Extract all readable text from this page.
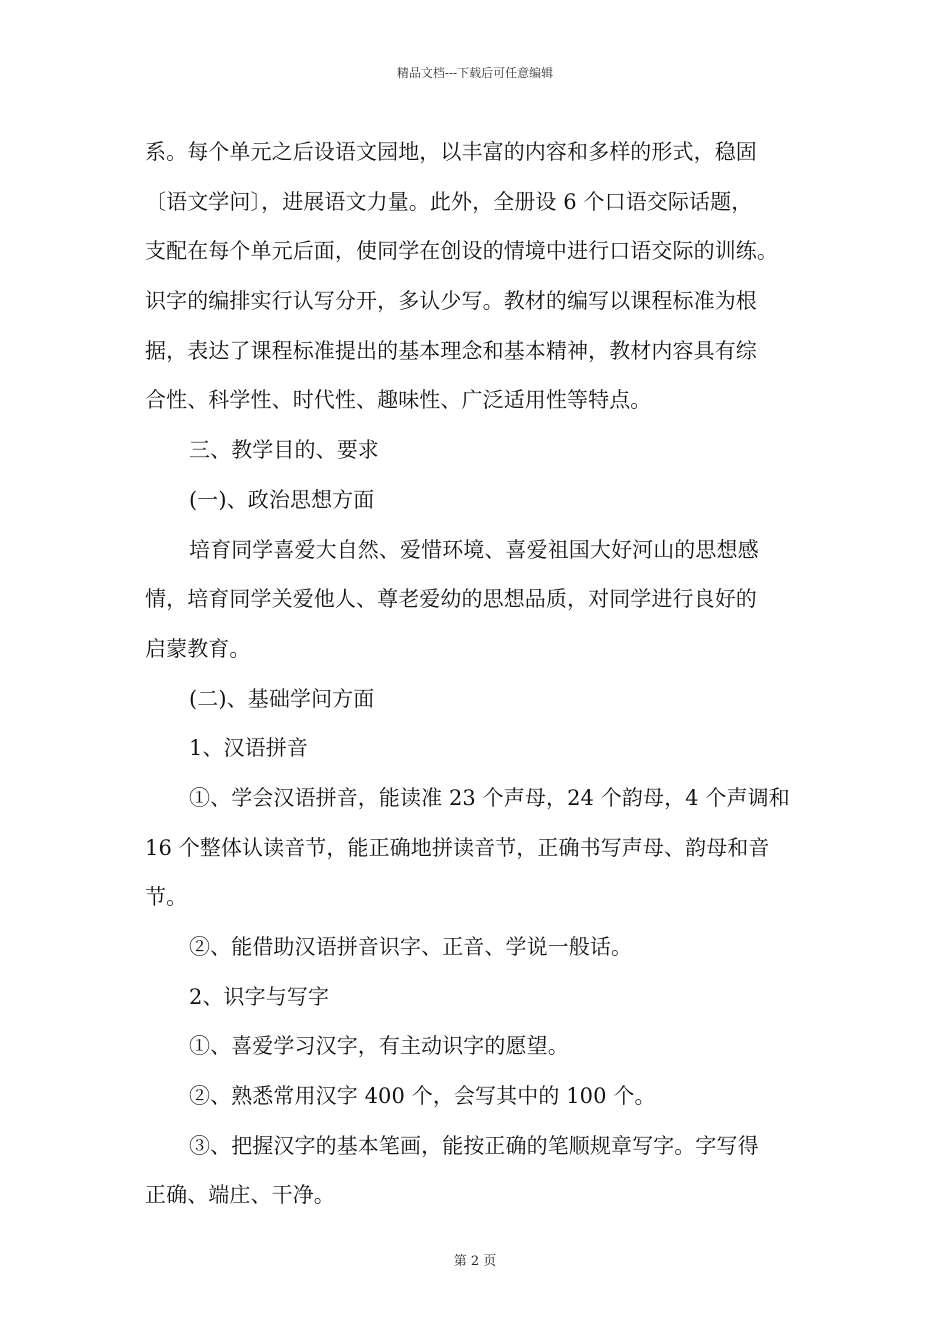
精品文档---下载后可任意编辑
系。每个单元之后设语文园地，以丰富的内容和多样的形式，稳固
〔语文学问〕，进展语文力量。此外，全册设 6 个口语交际话题，
支配在每个单元后面，使同学在创设的情境中进行口语交际的训练。
识字的编排实行认写分开，多认少写。教材的编写以课程标准为根
据，表达了课程标准提出的基本理念和基本精神，教材内容具有综
合性、科学性、时代性、趣味性、广泛适用性等特点。
三、教学目的、要求
(一)、政治思想方面
培育同学喜爱大自然、爱惜环境、喜爱祖国大好河山的思想感
情，培育同学关爱他人、尊老爱幼的思想品质，对同学进行良好的
启蒙教育。
(二)、基础学问方面
1、汉语拼音
①、学会汉语拼音，能读准 23 个声母，24 个韵母，4 个声调和
16 个整体认读音节，能正确地拼读音节，正确书写声母、韵母和音
节。
②、能借助汉语拼音识字、正音、学说一般话。
2、识字与写字
①、喜爱学习汉字，有主动识字的愿望。
②、熟悉常用汉字 400 个，会写其中的 100 个。
③、把握汉字的基本笔画，能按正确的笔顺规章写字。字写得
正确、端庄、干净。
第 2 页
